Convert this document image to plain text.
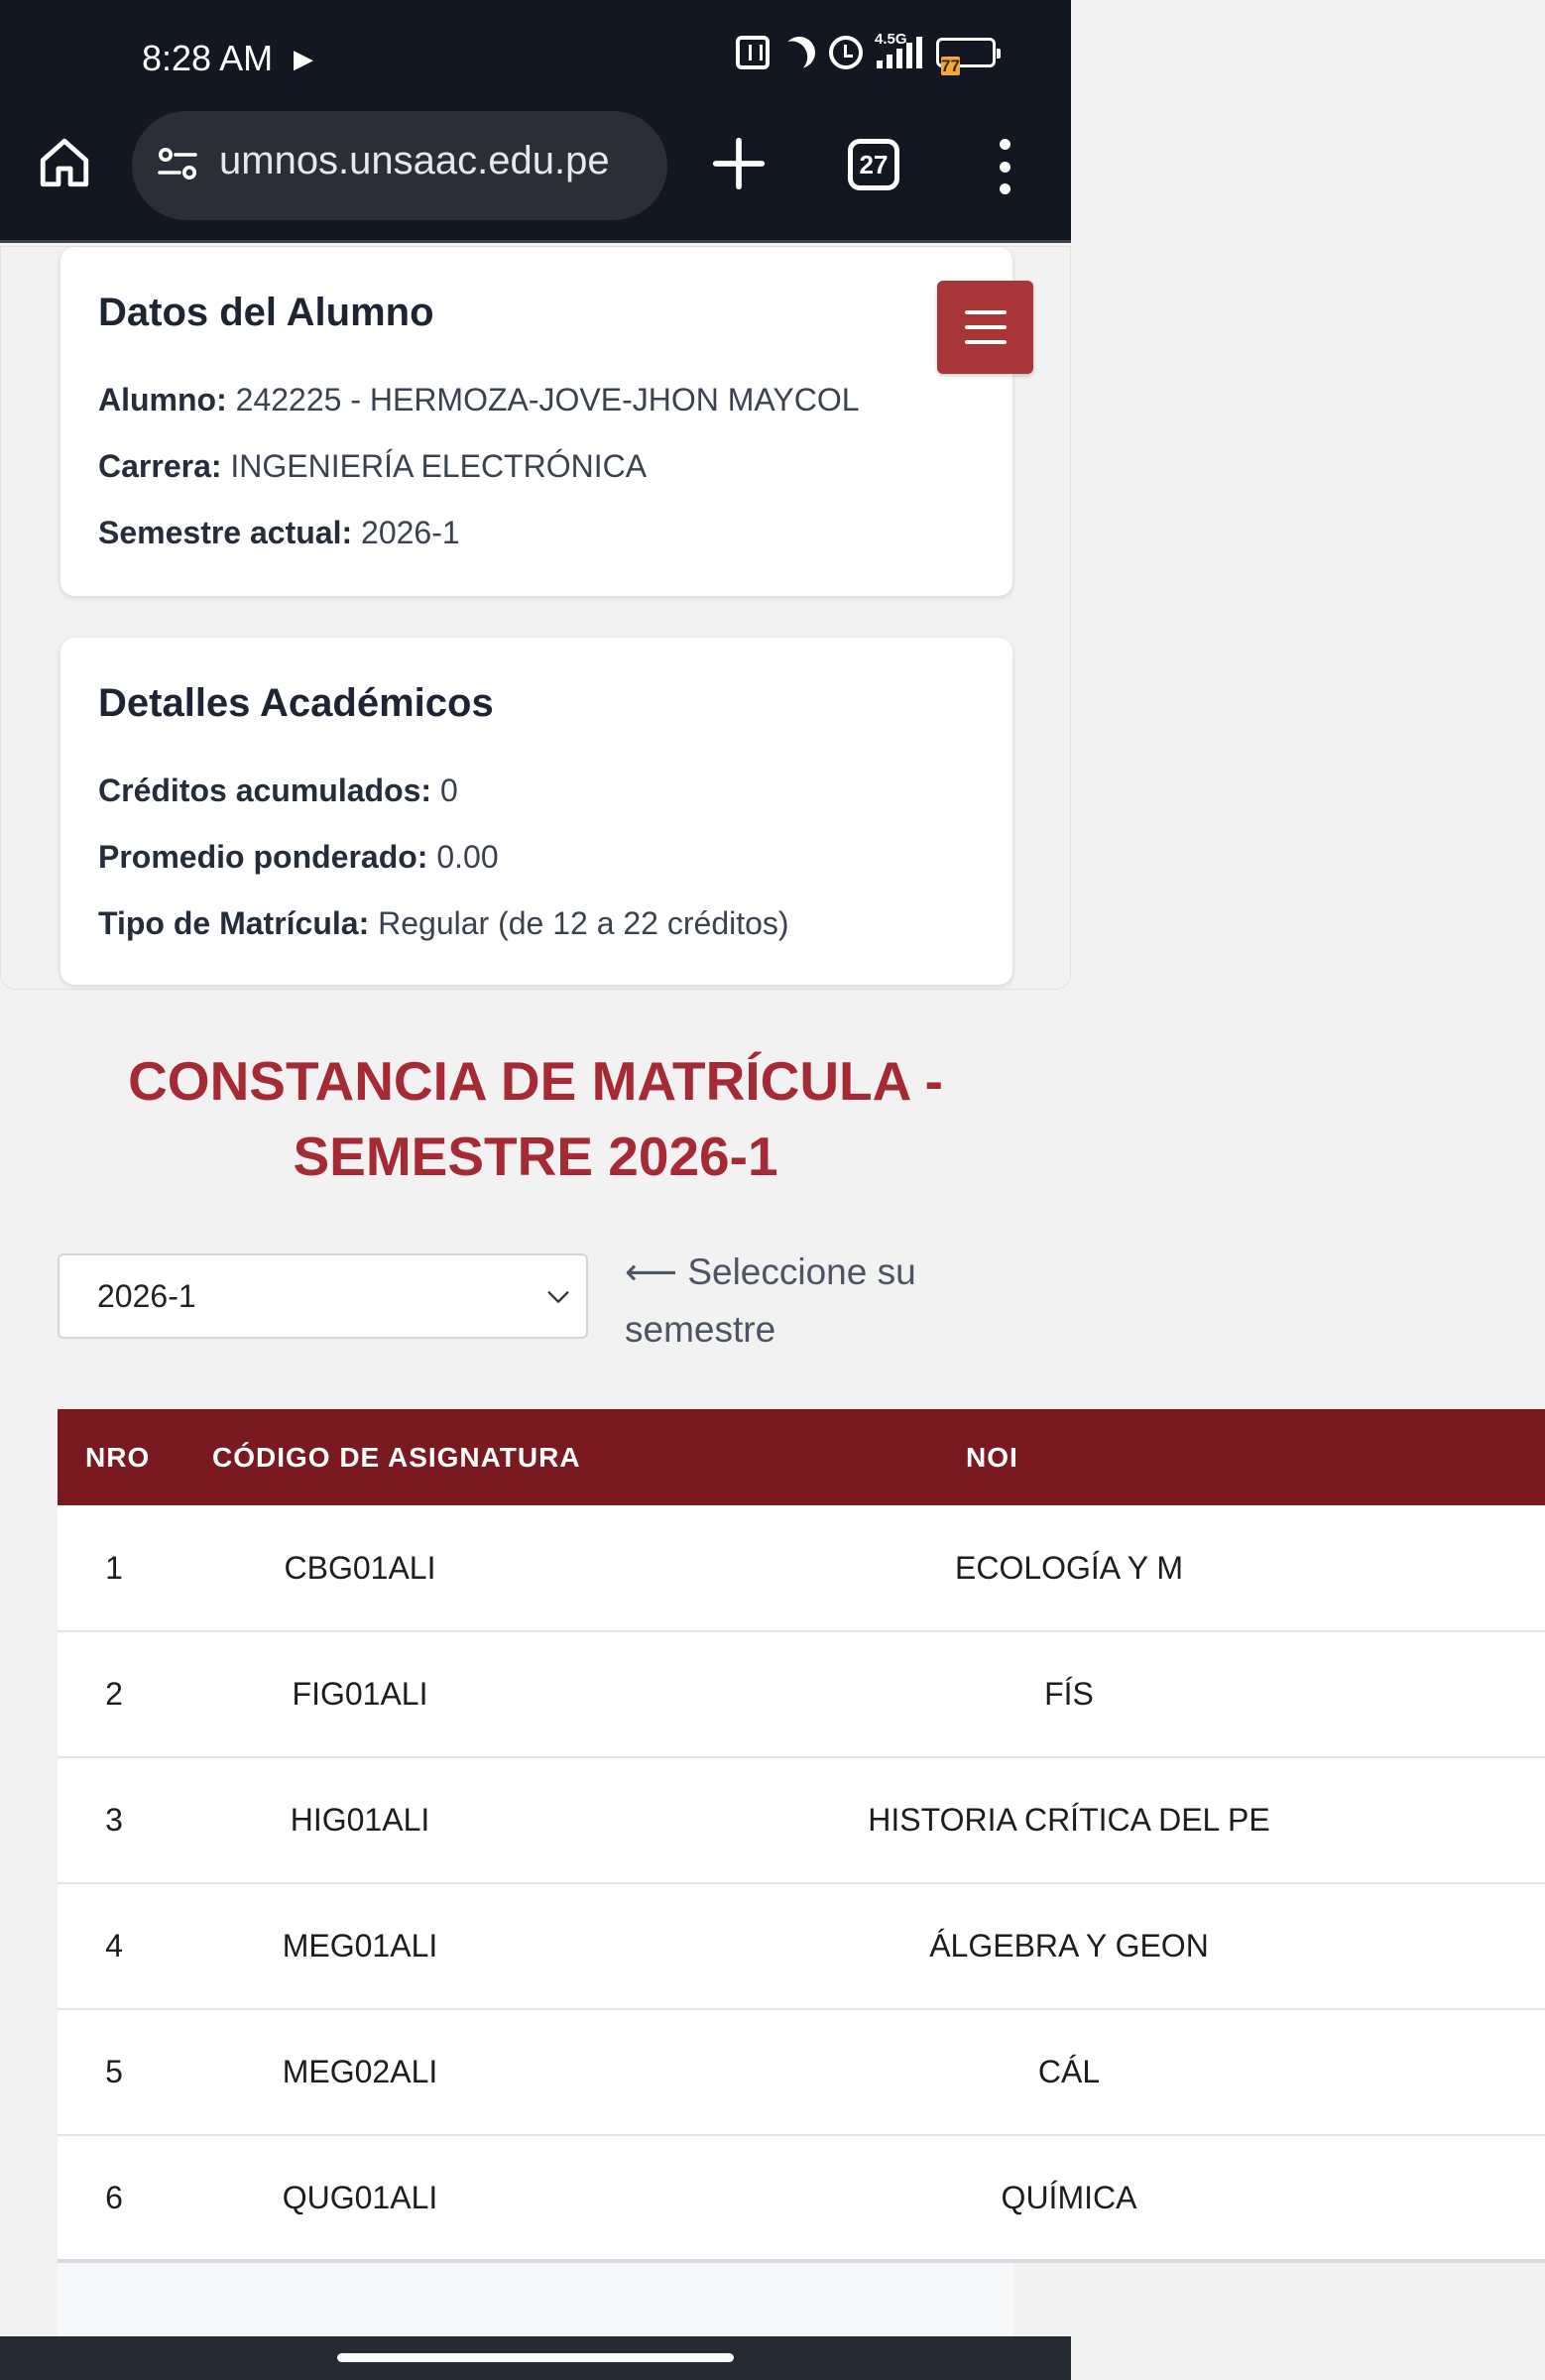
8:28 AM ▶
4.5G
77
umnos.unsaac.edu.pe	27
Datos del Alumno
Alumno: 242225 - HERMOZA-JOVE-JHON MAYCOL
Carrera: INGENIERÍA ELECTRÓNICA
Semestre actual: 2026-1
Detalles Académicos
Créditos acumulados: 0
Promedio ponderado: 0.00
Tipo de Matrícula: Regular (de 12 a 22 créditos)
CONSTANCIA DE MATRÍCULA -
SEMESTRE 2026-1
2026-1
⟵ Seleccione su semestre
NRO	CÓDIGO DE ASIGNATURA	NOI
1	CBG01ALI	ECOLOGÍA Y M
2	FIG01ALI	FÍS
3	HIG01ALI	HISTORIA CRÍTICA DEL PE
4	MEG01ALI	ÁLGEBRA Y GEON
5	MEG02ALI	CÁL
6	QUG01ALI	QUÍMICA
